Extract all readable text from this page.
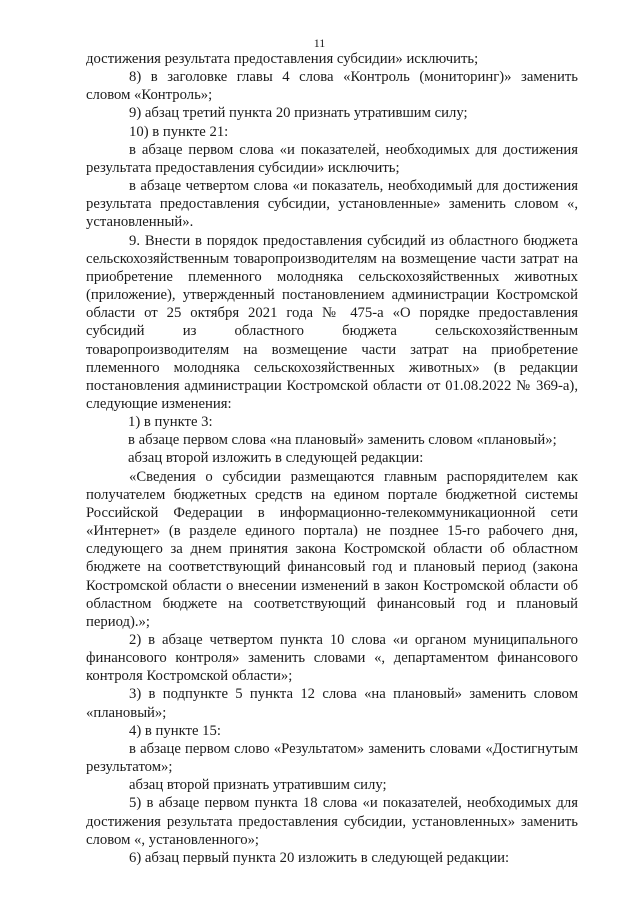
11

достижения результата предоставления субсидии» исключить;

8) в заголовке главы 4 слова «Контроль (мониторинг)» заменить словом «Контроль»;

9) абзац третий пункта 20 признать утратившим силу;

10) в пункте 21:

в абзаце первом слова «и показателей, необходимых для достижения результата предоставления субсидии» исключить;

в абзаце четвертом слова «и показатель, необходимый для достижения результата предоставления субсидии, установленные» заменить словом «, установленный».

9. Внести в порядок предоставления субсидий из областного бюджета сельскохозяйственным товаропроизводителям на возмещение части затрат на приобретение племенного молодняка сельскохозяйственных животных (приложение), утвержденный постановлением администрации Костромской области от 25 октября 2021 года № 475-а «О порядке предоставления субсидий из областного бюджета сельскохозяйственным товаропроизводителям на возмещение части затрат на приобретение племенного молодняка сельскохозяйственных животных» (в редакции постановления администрации Костромской области от 01.08.2022 № 369-а), следующие изменения:

1) в пункте 3:

в абзаце первом слова «на плановый» заменить словом «плановый»;

абзац второй изложить в следующей редакции:

«Сведения о субсидии размещаются главным распорядителем как получателем бюджетных средств на едином портале бюджетной системы Российской Федерации в информационно-телекоммуникационной сети «Интернет» (в разделе единого портала) не позднее 15-го рабочего дня, следующего за днем принятия закона Костромской области об областном бюджете на соответствующий финансовый год и плановый период (закона Костромской области о внесении изменений в закон Костромской области об областном бюджете на соответствующий финансовый год и плановый период).»;

2) в абзаце четвертом пункта 10 слова «и органом муниципального финансового контроля» заменить словами «, департаментом финансового контроля Костромской области»;

3) в подпункте 5 пункта 12 слова «на плановый» заменить словом «плановый»;

4) в пункте 15:

в абзаце первом слово «Результатом» заменить словами «Достигнутым результатом»;

абзац второй признать утратившим силу;

5) в абзаце первом пункта 18 слова «и показателей, необходимых для достижения результата предоставления субсидии, установленных» заменить словом «, установленного»;

6) абзац первый пункта 20 изложить в следующей редакции:
